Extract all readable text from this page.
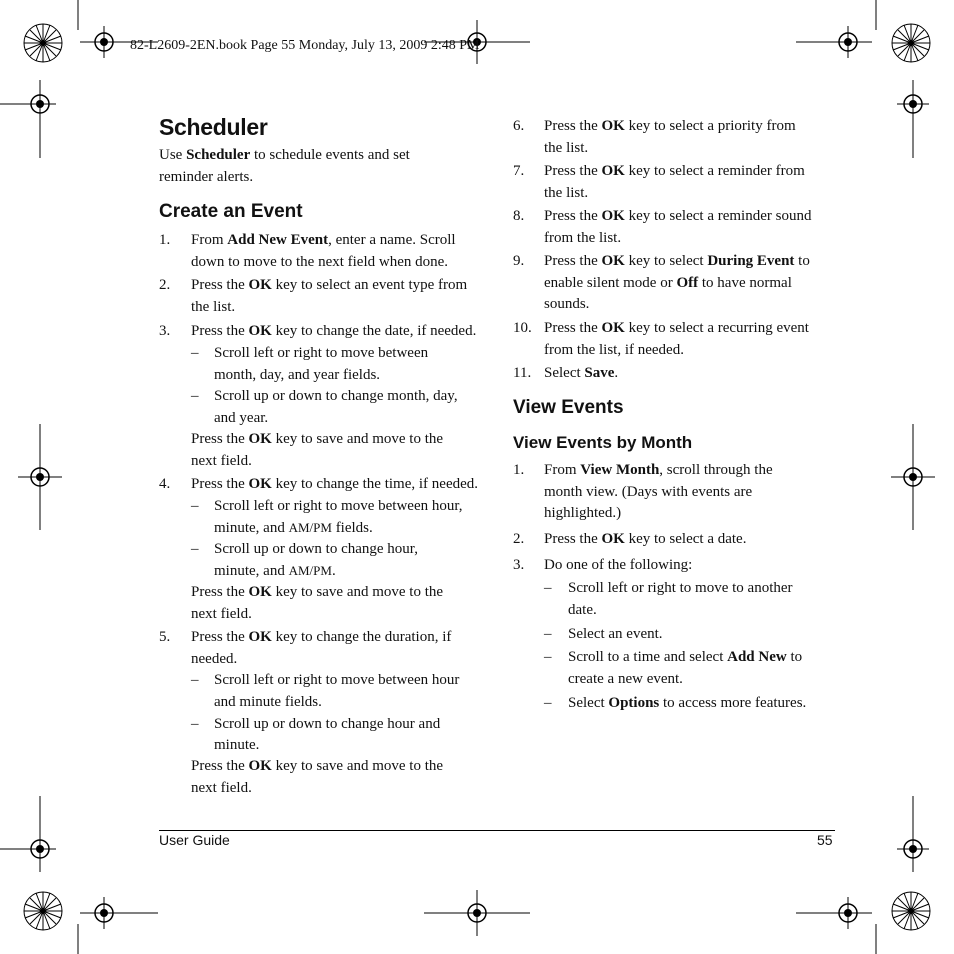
82-L2609-2EN.book Page 55 Monday, July 13, 2009 2:48 PM
Scheduler
Use Scheduler to schedule events and set
reminder alerts.
Create an Event
1. From Add New Event, enter a name. Scroll
down to move to the next field when done.
2. Press the OK key to select an event type from
the list.
3. Press the OK key to change the date, if needed.
– Scroll left or right to move between
month, day, and year fields.
– Scroll up or down to change month, day,
and year.
Press the OK key to save and move to the
next field.
4. Press the OK key to change the time, if needed.
– Scroll left or right to move between hour,
minute, and AM/PM fields.
– Scroll up or down to change hour,
minute, and AM/PM.
Press the OK key to save and move to the
next field.
5. Press the OK key to change the duration, if
needed.
– Scroll left or right to move between hour
and minute fields.
– Scroll up or down to change hour and
minute.
Press the OK key to save and move to the
next field.
6. Press the OK key to select a priority from
the list.
7. Press the OK key to select a reminder from
the list.
8. Press the OK key to select a reminder sound
from the list.
9. Press the OK key to select During Event to
enable silent mode or Off to have normal
sounds.
10. Press the OK key to select a recurring event
from the list, if needed.
11. Select Save.
View Events
View Events by Month
1. From View Month, scroll through the
month view. (Days with events are
highlighted.)
2. Press the OK key to select a date.
3. Do one of the following:
– Scroll left or right to move to another
date.
– Select an event.
– Scroll to a time and select Add New to
create a new event.
– Select Options to access more features.
User Guide	55
